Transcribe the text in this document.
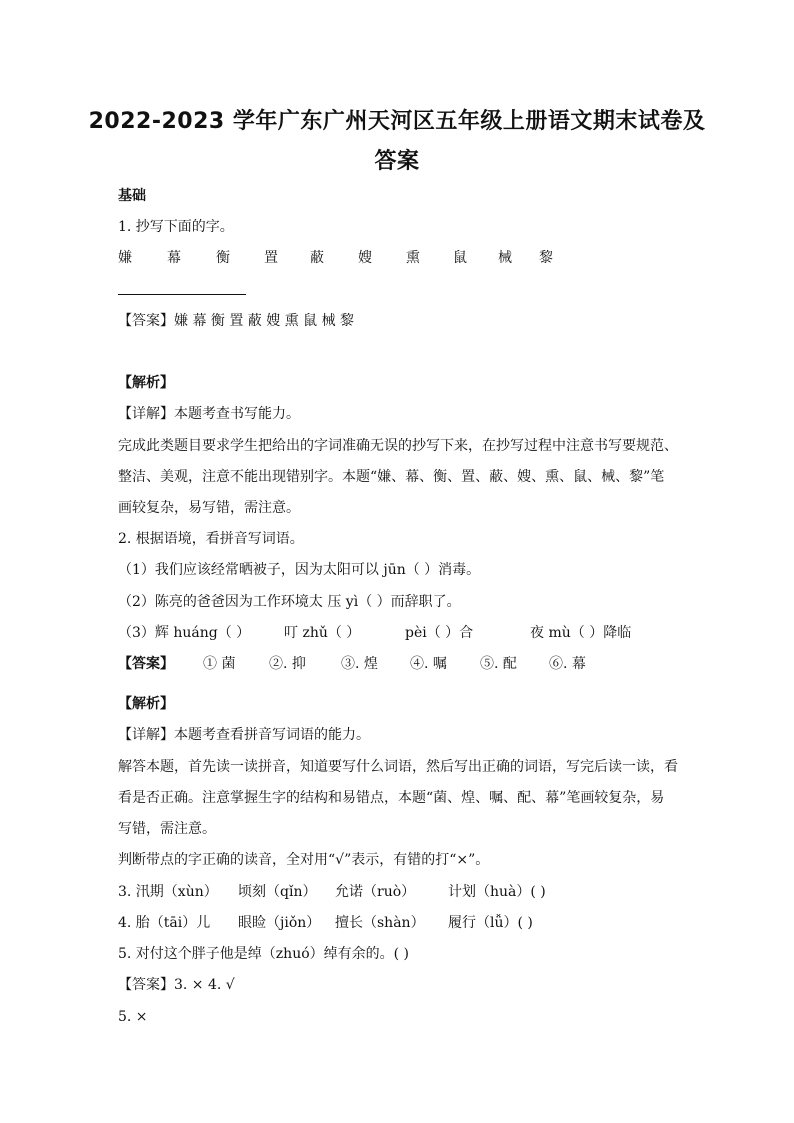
2022-2023 学年广东广州天河区五年级上册语文期末试卷及
答案
基础
1. 抄写下面的字。
嫌	幕	衡 置 蔽 嫂 熏 鼠 械 黎
【答案】嫌 幕 衡 置 蔽 嫂 熏 鼠 械 黎
【解析】
【详解】本题考查书写能力。
完成此类题目要求学生把给出的字词准确无误的抄写下来，在抄写过程中注意书写要规范、
整洁、美观，注意不能出现错别字。本题“嫌、幕、衡、置、蔽、嫂、熏、鼠、械、黎”笔
画较复杂，易写错，需注意。
2. 根据语境，看拼音写词语。
（1）我们应该经常晒被子，因为太阳可以 jūn（ ）消毒。
（2）陈亮的爸爸因为工作环境太 压 yì（ ）而辞职了。
（3）辉 huáng（ ） 叮 zhǔ（ ）	pèi（ ）合	夜 mù（ ）降临
【答案】 ① 菌 ②. 抑	③. 煌 ④. 嘱 ⑤. 配 ⑥. 幕
【解析】
【详解】本题考查看拼音写词语的能力。
解答本题，首先读一读拼音，知道要写什么词语，然后写出正确的词语，写完后读一读，看
看是否正确。注意掌握生字的结构和易错点，本题“菌、煌、嘱、配、幕”笔画较复杂，易
写错，需注意。
判断带点的字正确的读音，全对用“√”表示，有错的打“×”。
3. 汛期（xùn） 顷刻（qǐn） 允诺（ruò） 计划（huà）( )
4. 胎（tāi）儿 眼睑（jiǒn） 擅长（shàn） 履行（lǚ）( )
5. 对付这个胖子他是绰（zhuó）绰有余的。( )
【答案】3. × 4. √
5. ×
